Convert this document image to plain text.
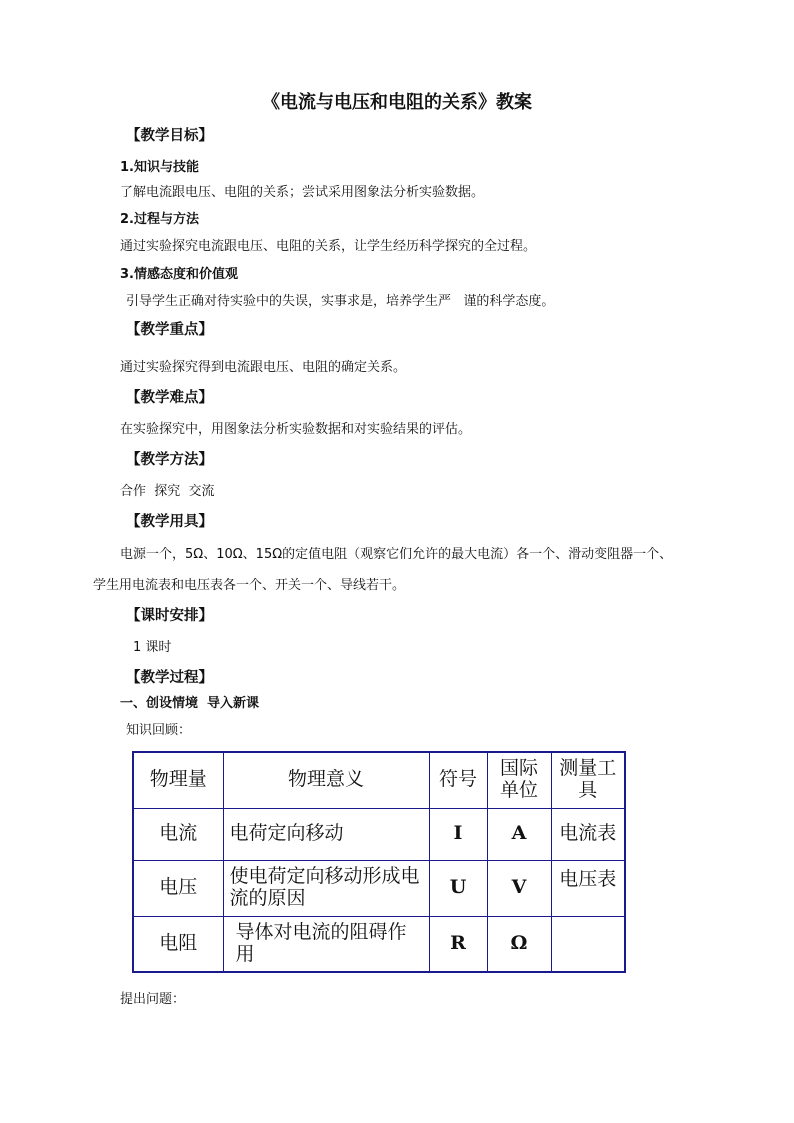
《电流与电压和电阻的关系》教案
【教学目标】
1.知识与技能
了解电流跟电压、电阻的关系；尝试采用图象法分析实验数据。
2.过程与方法
通过实验探究电流跟电压、电阻的关系，让学生经历科学探究的全过程。
3.情感态度和价值观
引导学生正确对待实验中的失误，实事求是，培养学生严   谨的科学态度。
【教学重点】
通过实验探究得到电流跟电压、电阻的确定关系。
【教学难点】
在实验探究中，用图象法分析实验数据和对实验结果的评估。
【教学方法】
合作  探究  交流
【教学用具】
电源一个，5Ω、10Ω、15Ω的定值电阻（观察它们允许的最大电流）各一个、滑动变阻器一个、
学生用电流表和电压表各一个、开关一个、导线若干。
【课时安排】
1 课时
【教学过程】
一、创设情境  导入新课
知识回顾：
物理量	物理意义	符号	国际单位	测量工具
电流	电荷定向移动	I	A	电流表
电压	使电荷定向移动形成电流的原因	U	V	电压表
电阻	导体对电流的阻碍作用	R	Ω	
提出问题：
